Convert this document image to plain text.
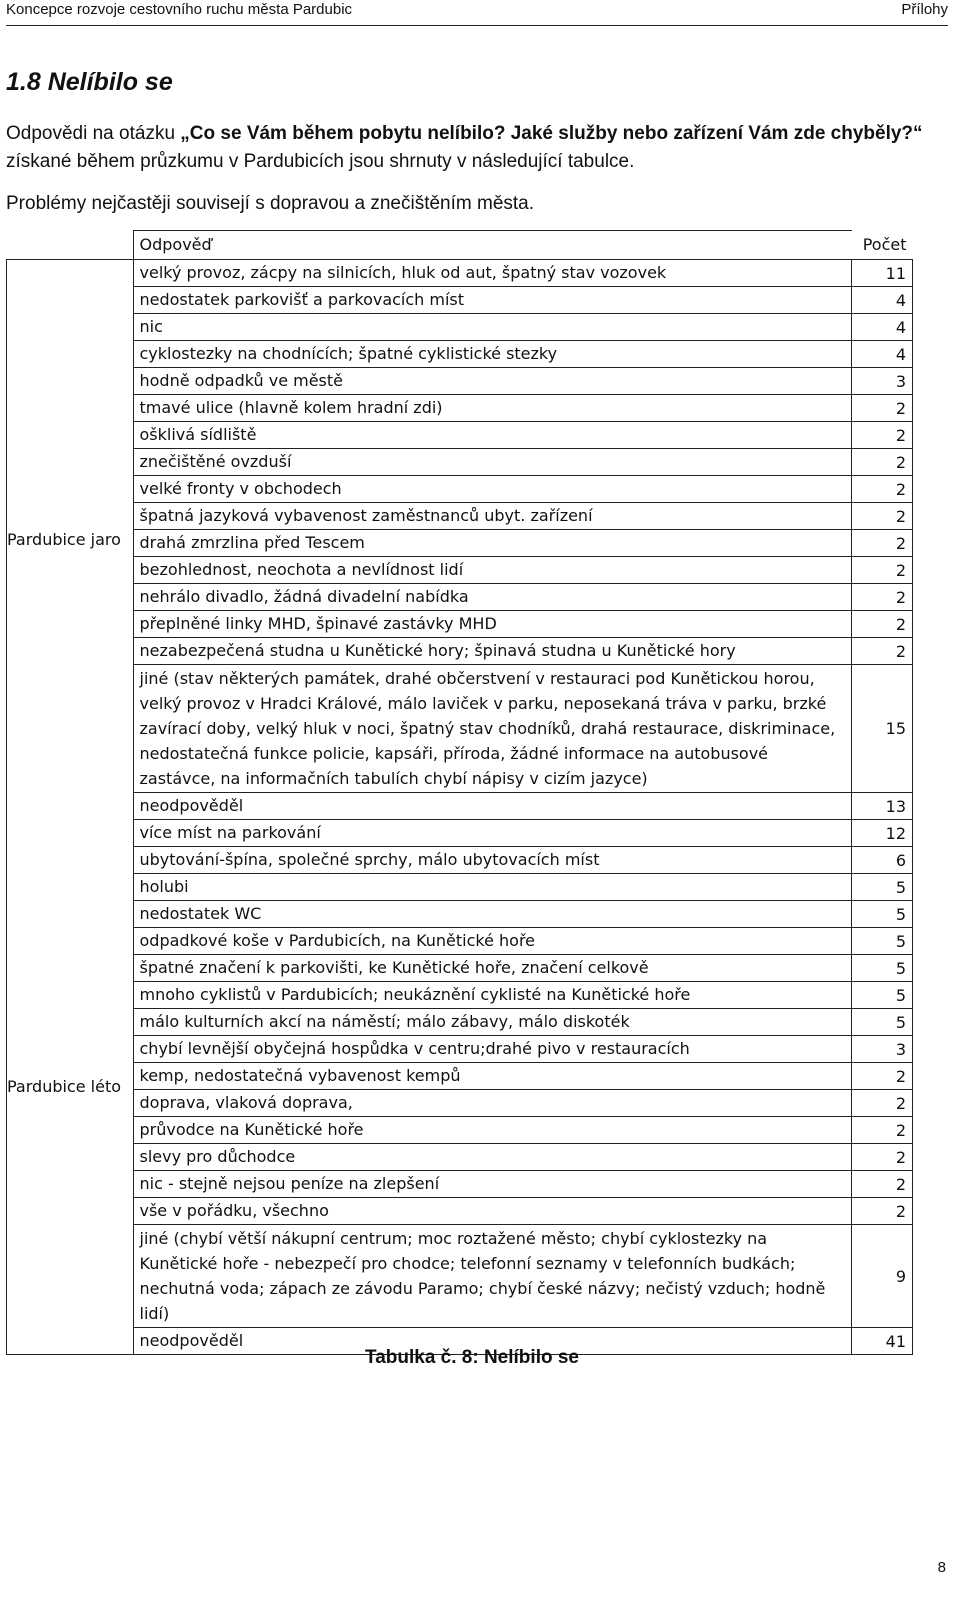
Koncepce rozvoje cestovního ruchu města Pardubic	Přílohy
1.8 Nelíbilo se
Odpovědi na otázku „Co se Vám během pobytu nelíbilo? Jaké služby nebo zařízení Vám zde chyběly?“ získané během průzkumu v Pardubicích jsou shrnuty v následující tabulce.
Problémy nejčastěji souvisejí s dopravou a znečištěním města.
	Odpověď	Počet
Pardubice jaro	velký provoz, zácpy na silnicích, hluk od aut, špatný stav vozovek	11
	nedostatek parkovišť a parkovacích míst	4
	nic	4
	cyklostezky na chodnících; špatné cyklistické stezky	4
	hodně odpadků ve městě	3
	tmavé ulice (hlavně kolem hradní zdi)	2
	ošklivá sídliště	2
	znečištěné ovzduší	2
	velké fronty v obchodech	2
	špatná jazyková vybavenost zaměstnanců ubyt. zařízení	2
	drahá zmrzlina před Tescem	2
	bezohlednost, neochota a nevlídnost lidí	2
	nehrálo divadlo, žádná divadelní nabídka	2
	přeplněné linky MHD, špinavé zastávky MHD	2
	nezabezpečená studna u Kunětické hory; špinavá studna u Kunětické hory	2
	jiné (stav některých památek, drahé občerstvení v restauraci pod Kunětickou horou, velký provoz v Hradci Králové, málo laviček v parku, neposekaná tráva v parku, brzké zavírací doby, velký hluk v noci, špatný stav chodníků, drahá restaurace, diskriminace, nedostatečná funkce policie, kapsáři, příroda, žádné informace na autobusové zastávce, na informačních tabulích chybí nápisy v cizím jazyce)	15
	neodpověděl	13
Pardubice léto	více míst na parkování	12
	ubytování-špína, společné sprchy, málo ubytovacích míst	6
	holubi	5
	nedostatek WC	5
	odpadkové koše v Pardubicích, na Kunětické hoře	5
	špatné značení k parkovišti, ke Kunětické hoře, značení celkově	5
	mnoho cyklistů v Pardubicích; neukáznění cyklisté na Kunětické hoře	5
	málo kulturních akcí na náměstí; málo zábavy, málo diskoték	5
	chybí levnější obyčejná hospůdka v centru;drahé pivo v restauracích	3
	kemp, nedostatečná vybavenost kempů	2
	doprava, vlaková doprava,	2
	průvodce na Kunětické hoře	2
	slevy pro důchodce	2
	nic - stejně nejsou peníze na zlepšení	2
	vše v pořádku, všechno	2
	jiné (chybí větší nákupní centrum; moc roztažené město; chybí cyklostezky na Kunětické hoře - nebezpečí pro chodce; telefonní seznamy v telefonních budkách; nechutná voda; zápach ze závodu Paramo; chybí české názvy; nečistý vzduch; hodně lidí)	9
	neodpověděl	41
Tabulka č. 8: Nelíbilo se
8
